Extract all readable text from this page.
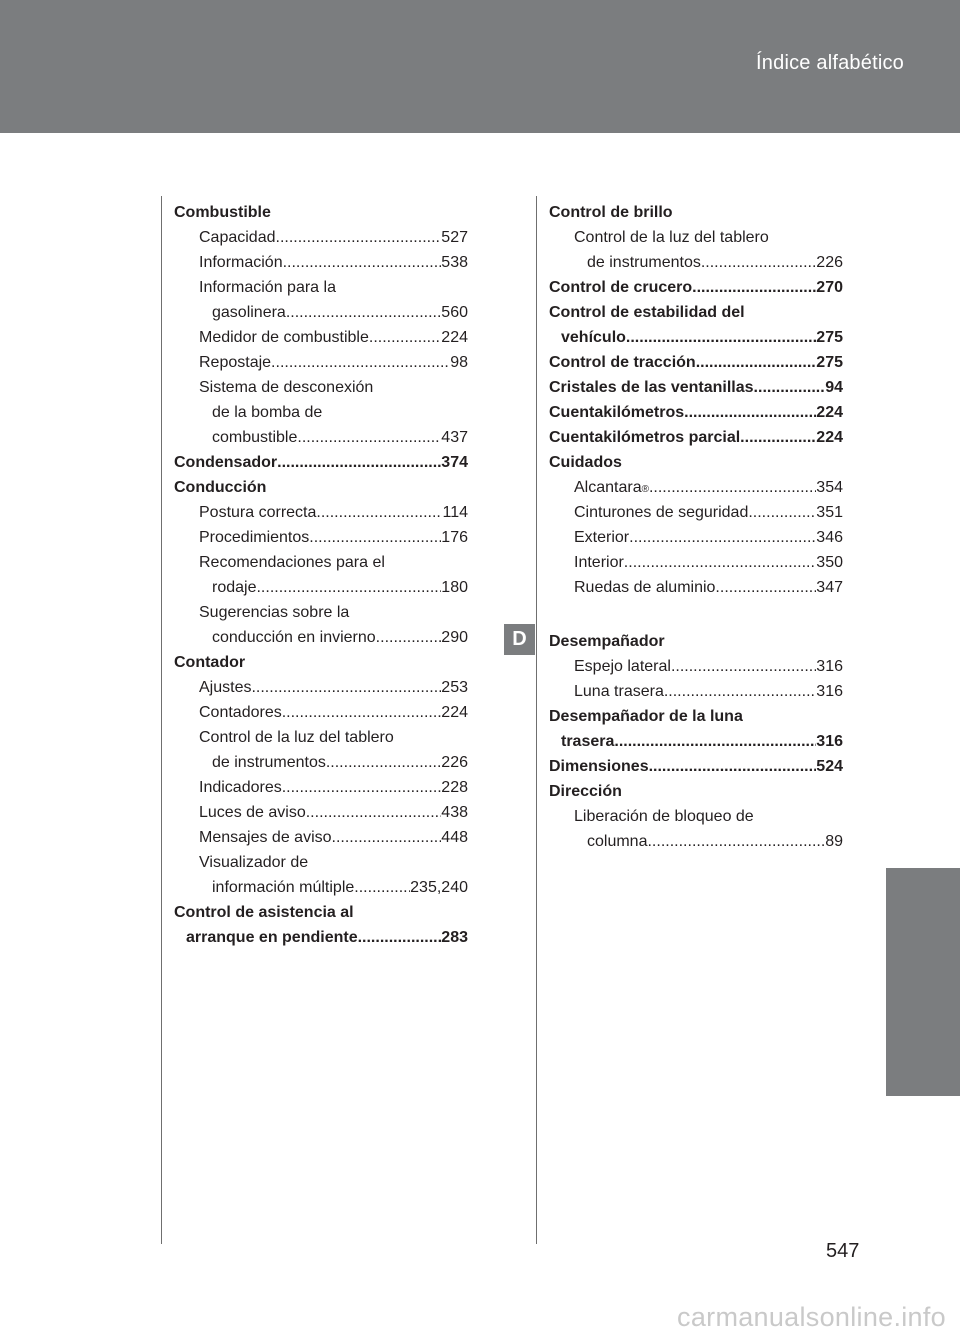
Índice alfabético
Combustible
Capacidad .....	527
Información .....	538
Información para la
gasolinera .....	560
Medidor de combustible .....	224
Repostaje .....	98
Sistema de desconexión
de la bomba de
combustible .....	437
Condensador .....	374
Conducción
Postura correcta .....	114
Procedimientos .....	176
Recomendaciones para el
rodaje .....	180
Sugerencias sobre la
conducción en invierno .....	290
Contador
Ajustes .....	253
Contadores .....	224
Control de la luz del tablero
de instrumentos .....	226
Indicadores .....	228
Luces de aviso .....	438
Mensajes de aviso .....	448
Visualizador de
información múltiple .....	235,240
Control de asistencia al
arranque en pendiente .....	283
Control de brillo
Control de la luz del tablero
de instrumentos .....	226
Control de crucero .....	270
Control de estabilidad del
vehículo .....	275
Control de tracción .....	275
Cristales de las ventanillas .....	94
Cuentakilómetros .....	224
Cuentakilómetros parcial .....	224
Cuidados
Alcantara ® .....	354
Cinturones de seguridad .....	351
Exterior .....	346
Interior .....	350
Ruedas de aluminio .....	347
Desempañador
Espejo lateral .....	316
Luna trasera .....	316
Desempañador de la luna
trasera .....	316
Dimensiones .....	524
Dirección
Liberación de bloqueo de
columna .....	89
D
547
carmanualsonline.info
